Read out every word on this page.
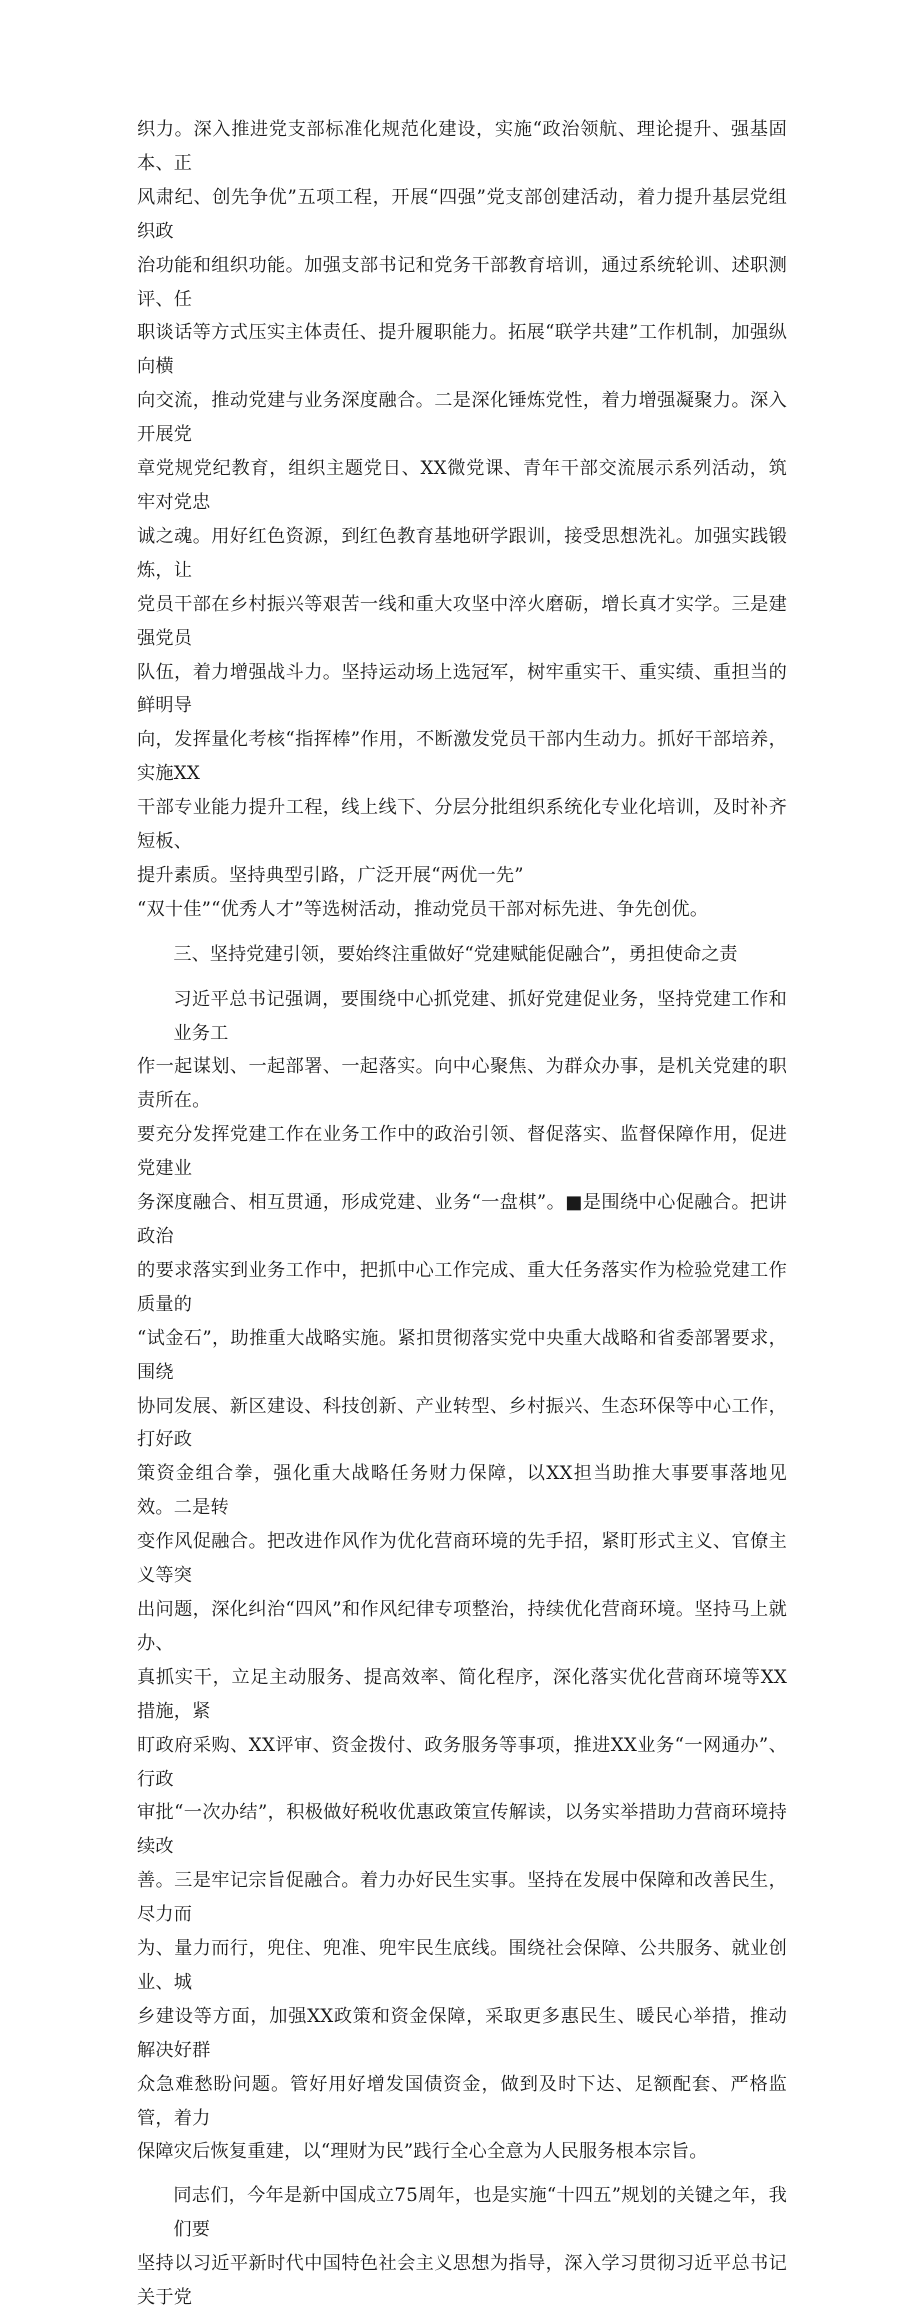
织力。深入推进党支部标准化规范化建设，实施“政治领航、理论提升、强基固本、正
风肃纪、创先争优”五项工程，开展“四强”党支部创建活动，着力提升基层党组织政
治功能和组织功能。加强支部书记和党务干部教育培训，通过系统轮训、述职测评、任
职谈话等方式压实主体责任、提升履职能力。拓展“联学共建”工作机制，加强纵向横
向交流，推动党建与业务深度融合。二是深化锤炼党性，着力增强凝聚力。深入开展党
章党规党纪教育，组织主题党日、XX微党课、青年干部交流展示系列活动，筑牢对党忠
诚之魂。用好红色资源，到红色教育基地研学跟训，接受思想洗礼。加强实践锻炼，让
党员干部在乡村振兴等艰苦一线和重大攻坚中淬火磨砺，增长真才实学。三是建强党员
队伍，着力增强战斗力。坚持运动场上选冠军，树牢重实干、重实绩、重担当的鲜明导
向，发挥量化考核“指挥棒”作用，不断激发党员干部内生动力。抓好干部培养，实施XX
干部专业能力提升工程，线上线下、分层分批组织系统化专业化培训，及时补齐短板、
提升素质。坚持典型引路，广泛开展“两优一先”
“双十佳”“优秀人才”等选树活动，推动党员干部对标先进、争先创优。
三、坚持党建引领，要始终注重做好“党建赋能促融合”，勇担使命之责
习近平总书记强调，要围绕中心抓党建、抓好党建促业务，坚持党建工作和业务工
作一起谋划、一起部署、一起落实。向中心聚焦、为群众办事，是机关党建的职责所在。
要充分发挥党建工作在业务工作中的政治引领、督促落实、监督保障作用，促进党建业
务深度融合、相互贯通，形成党建、业务“一盘棋”。■是围绕中心促融合。把讲政治
的要求落实到业务工作中，把抓中心工作完成、重大任务落实作为检验党建工作质量的
“试金石”，助推重大战略实施。紧扣贯彻落实党中央重大战略和省委部署要求，围绕
协同发展、新区建设、科技创新、产业转型、乡村振兴、生态环保等中心工作，打好政
策资金组合拳，强化重大战略任务财力保障，以XX担当助推大事要事落地见效。二是转
变作风促融合。把改进作风作为优化营商环境的先手招，紧盯形式主义、官僚主义等突
出问题，深化纠治“四风”和作风纪律专项整治，持续优化营商环境。坚持马上就办、
真抓实干，立足主动服务、提高效率、简化程序，深化落实优化营商环境等XX措施，紧
盯政府采购、XX评审、资金拨付、政务服务等事项，推进XX业务“一网通办”、行政
审批“一次办结”，积极做好税收优惠政策宣传解读，以务实举措助力营商环境持续改
善。三是牢记宗旨促融合。着力办好民生实事。坚持在发展中保障和改善民生，尽力而
为、量力而行，兜住、兜准、兜牢民生底线。围绕社会保障、公共服务、就业创业、城
乡建设等方面，加强XX政策和资金保障，采取更多惠民生、暖民心举措，推动解决好群
众急难愁盼问题。管好用好增发国债资金，做到及时下达、足额配套、严格监管，着力
保障灾后恢复重建，以“理财为民”践行全心全意为人民服务根本宗旨。
同志们，今年是新中国成立75周年，也是实施“十四五”规划的关键之年，我们要
坚持以习近平新时代中国特色社会主义思想为指导，深入学习贯彻习近平总书记关于党
